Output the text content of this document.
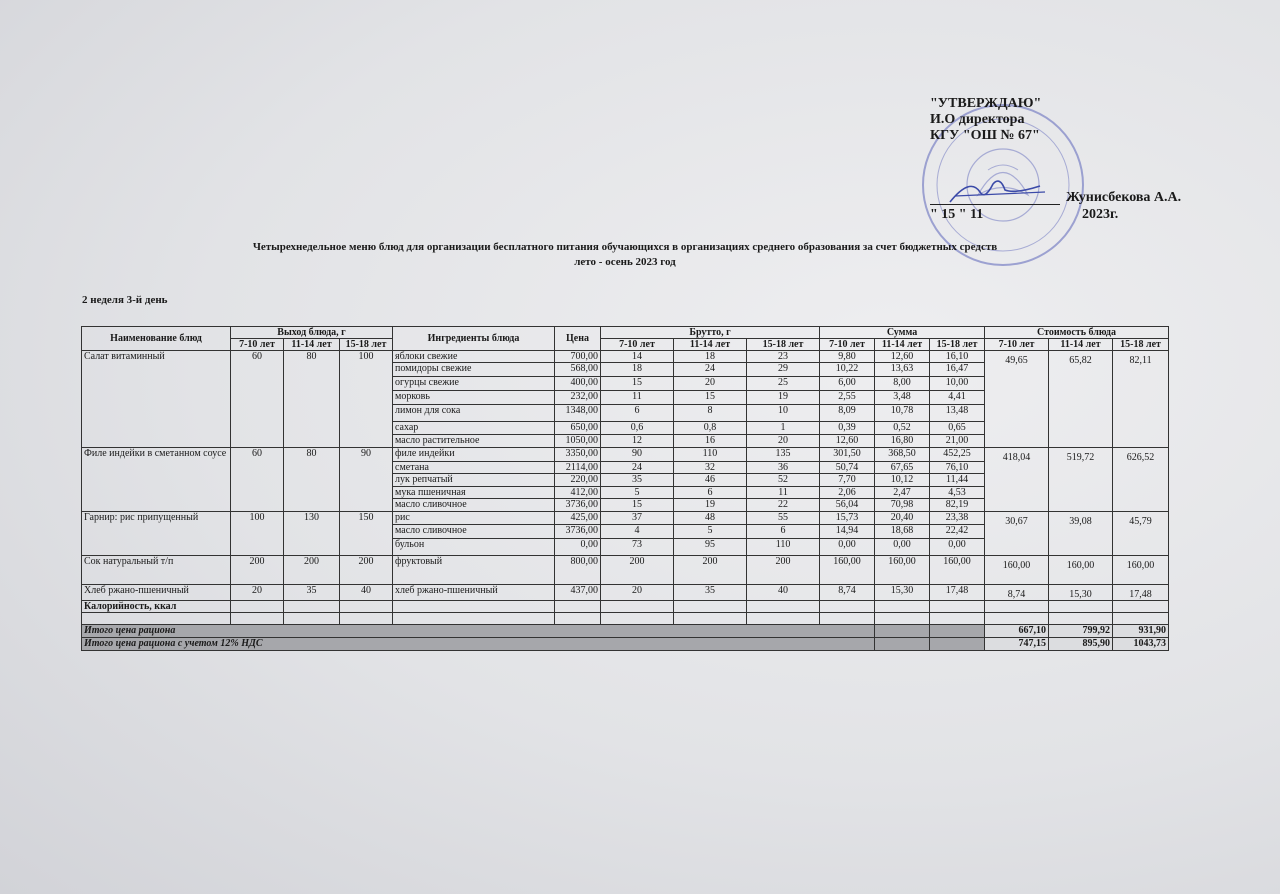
"УТВЕРЖДАЮ"
И.О директора
КГУ "ОШ № 67"
Жунисбекова А.А.
" 15 " 11	2023г.
Четырехнедельное меню блюд для организации бесплатного питания обучающихся в организациях среднего образования за счет бюджетных средств
лето - осень 2023 год
2 неделя 3-й день
Наименование блюд	Выход блюда, г			Ингредиенты блюда	Цена	Брутто, г			Сумма			Стоимость блюда		
	7-10 лет	11-14 лет	15-18 лет			7-10 лет	11-14 лет	15-18 лет	7-10 лет	11-14 лет	15-18 лет	7-10 лет	11-14 лет	15-18 лет
Салат витаминный	60	80	100	яблоки свежие	700,00	14	18	23	9,80	12,60	16,10	49,65	65,82	82,11
				помидоры свежие	568,00	18	24	29	10,22	13,63	16,47			
				огурцы свежие	400,00	15	20	25	6,00	8,00	10,00			
				морковь	232,00	11	15	19	2,55	3,48	4,41			
				лимон для сока	1348,00	6	8	10	8,09	10,78	13,48			
				сахар	650,00	0,6	0,8	1	0,39	0,52	0,65			
				масло растительное	1050,00	12	16	20	12,60	16,80	21,00			
Филе индейки в сметанном соусе	60	80	90	филе индейки	3350,00	90	110	135	301,50	368,50	452,25	418,04	519,72	626,52
				сметана	2114,00	24	32	36	50,74	67,65	76,10			
				лук репчатый	220,00	35	46	52	7,70	10,12	11,44			
				мука пшеничная	412,00	5	6	11	2,06	2,47	4,53			
				масло сливочное	3736,00	15	19	22	56,04	70,98	82,19			
Гарнир: рис припущенный	100	130	150	рис	425,00	37	48	55	15,73	20,40	23,38	30,67	39,08	45,79
				масло сливочное	3736,00	4	5	6	14,94	18,68	22,42			
				бульон	0,00	73	95	110	0,00	0,00	0,00			
Сок натуральный т/п	200	200	200	фруктовый	800,00	200	200	200	160,00	160,00	160,00	160,00	160,00	160,00
Хлеб ржано-пшеничный	20	35	40	хлеб ржано-пшеничный	437,00	20	35	40	8,74	15,30	17,48	8,74	15,30	17,48
Калорийность, ккал														

Итого цена рациона												667,10	799,92	931,90
Итого цена рациона с учетом 12% НДС												747,15	895,90	1043,73
